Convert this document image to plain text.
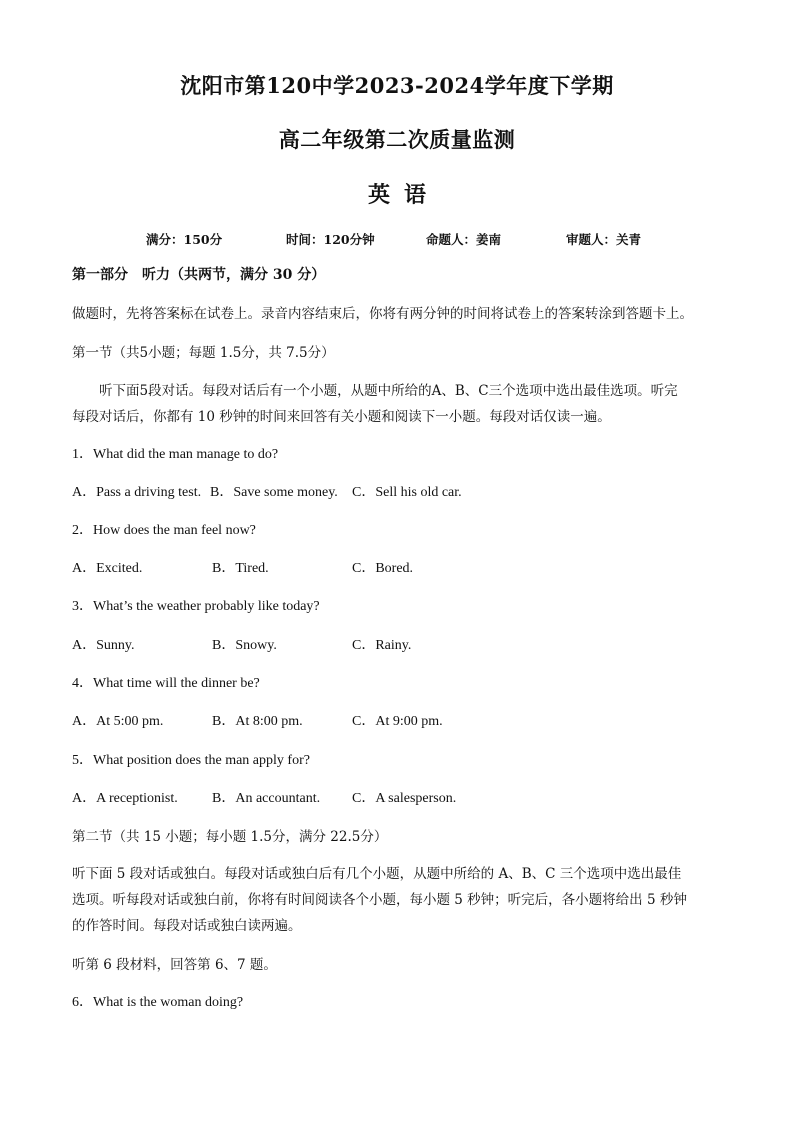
沈阳市第120中学2023-2024学年度下学期
高二年级第二次质量监测
英语
满分：150分	时间：120分钟	命题人：姜南	审题人：关青
第一部分　听力（共两节，满分 30 分）
做题时，先将答案标在试卷上。录音内容结束后，你将有两分钟的时间将试卷上的答案转涂到答题卡上。
第一节（共5小题；每题 1.5分，共 7.5分）
听下面5段对话。每段对话后有一个小题，从题中所给的A、B、C三个选项中选出最佳选项。听完
每段对话后，你都有 10 秒钟的时间来回答有关小题和阅读下一小题。每段对话仅读一遍。
1．What did the man manage to do?
A．Pass a driving test. B．Save some money. C．Sell his old car.
2．How does the man feel now?
A．Excited.	B．Tired.	C．Bored.
3．What’s the weather probably like today?
A．Sunny.	B．Snowy.	C．Rainy.
4．What time will the dinner be?
A．At 5:00 pm.	B．At 8:00 pm.	C．At 9:00 pm.
5．What position does the man apply for?
A．A receptionist. B．An accountant. C．A salesperson.
第二节（共 15 小题；每小题 1.5分，满分 22.5分）
听下面 5 段对话或独白。每段对话或独白后有几个小题，从题中所给的 A、B、C 三个选项中选出最佳
选项。听每段对话或独白前，你将有时间阅读各个小题，每小题 5 秒钟；听完后，各小题将给出 5 秒钟
的作答时间。每段对话或独白读两遍。
听第 6 段材料，回答第 6、7 题。
6．What is the woman doing?
